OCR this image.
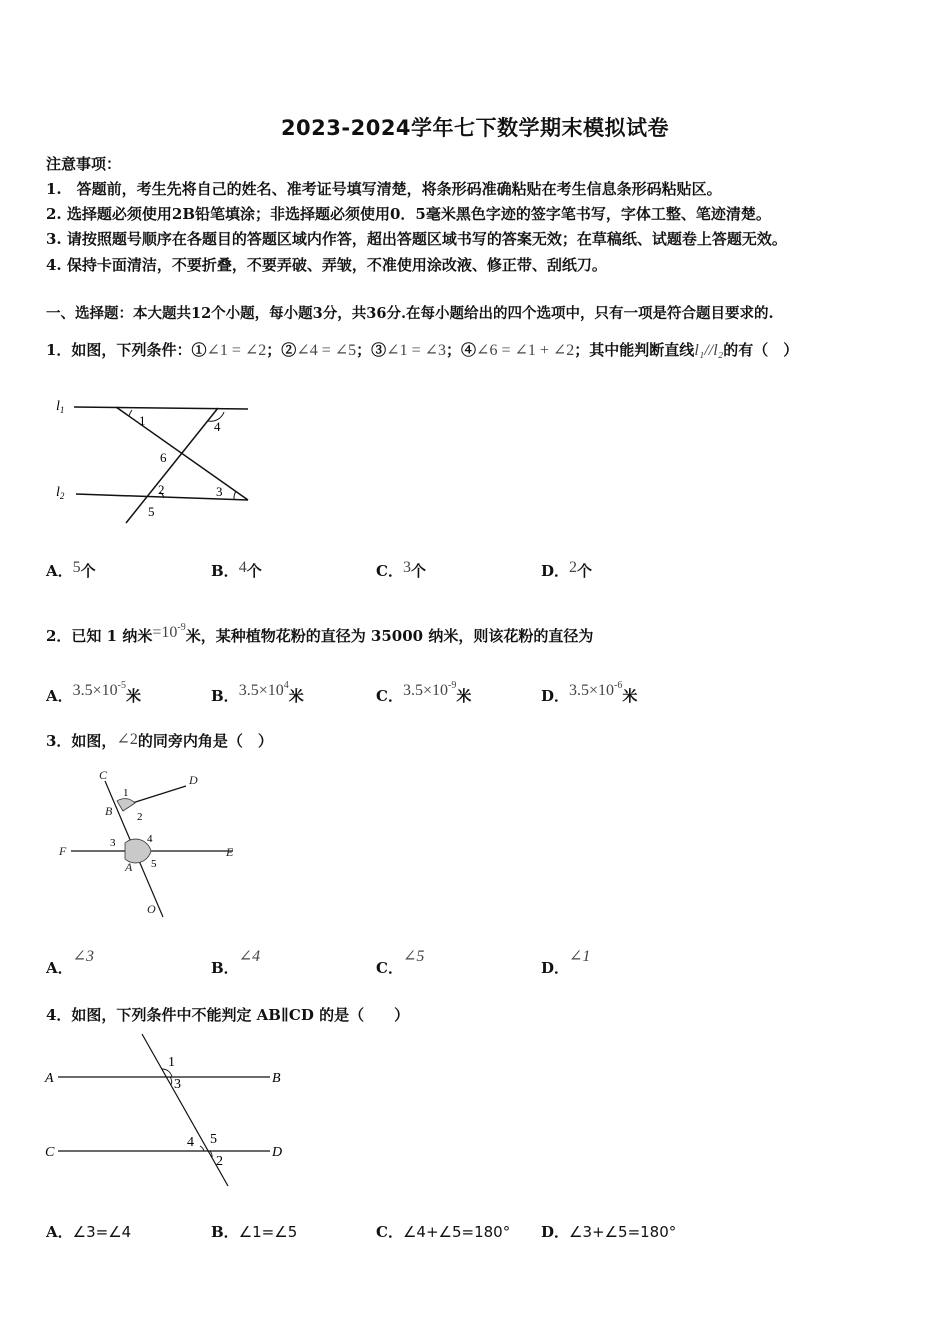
2023-2024学年七下数学期末模拟试卷
注意事项：
1.　答题前，考生先将自己的姓名、准考证号填写清楚，将条形码准确粘贴在考生信息条形码粘贴区。
2. 选择题必须使用2B铅笔填涂；非选择题必须使用0．5毫米黑色字迹的签字笔书写，字体工整、笔迹清楚。
3. 请按照题号顺序在各题目的答题区域内作答，超出答题区域书写的答案无效；在草稿纸、试题卷上答题无效。
4. 保持卡面清洁，不要折叠，不要弄破、弄皱，不准使用涂改液、修正带、刮纸刀。
一、选择题：本大题共12个小题，每小题3分，共36分.在每小题给出的四个选项中，只有一项是符合题目要求的.
1．如图，下列条件：①∠1 = ∠2；②∠4 = ∠5；③∠1 = ∠3；④∠6 = ∠1 + ∠2；其中能判断直线l₁//l₂的有（　）
$l_1$
$l_2$
1	4
6
2	3
5
A．5个	B．4个	C．3个	D．2个
2．已知 1 纳米$=10^{-9}$米，某种植物花粉的直径为 35000 纳米，则该花粉的直径为
A．$3.5\times 10^{-5}$米	B．$3.5\times 10^4$米	C．$3.5\times 10^{-9}$米	D．$3.5\times 10^{-6}$米
3．如图，∠2的同旁内角是（　）
C	D
B
F	E
A
O
1
2
3	4
5
A．∠3
B．∠4
C．∠5
D．∠1
4．如图，下列条件中不能判定 AB∥CD 的是（　　）
A	B
C	D
1
3
4 5
2
A．∠3=∠4	B．∠1=∠5	C．∠4+∠5=180° D．∠3+∠5=180°
